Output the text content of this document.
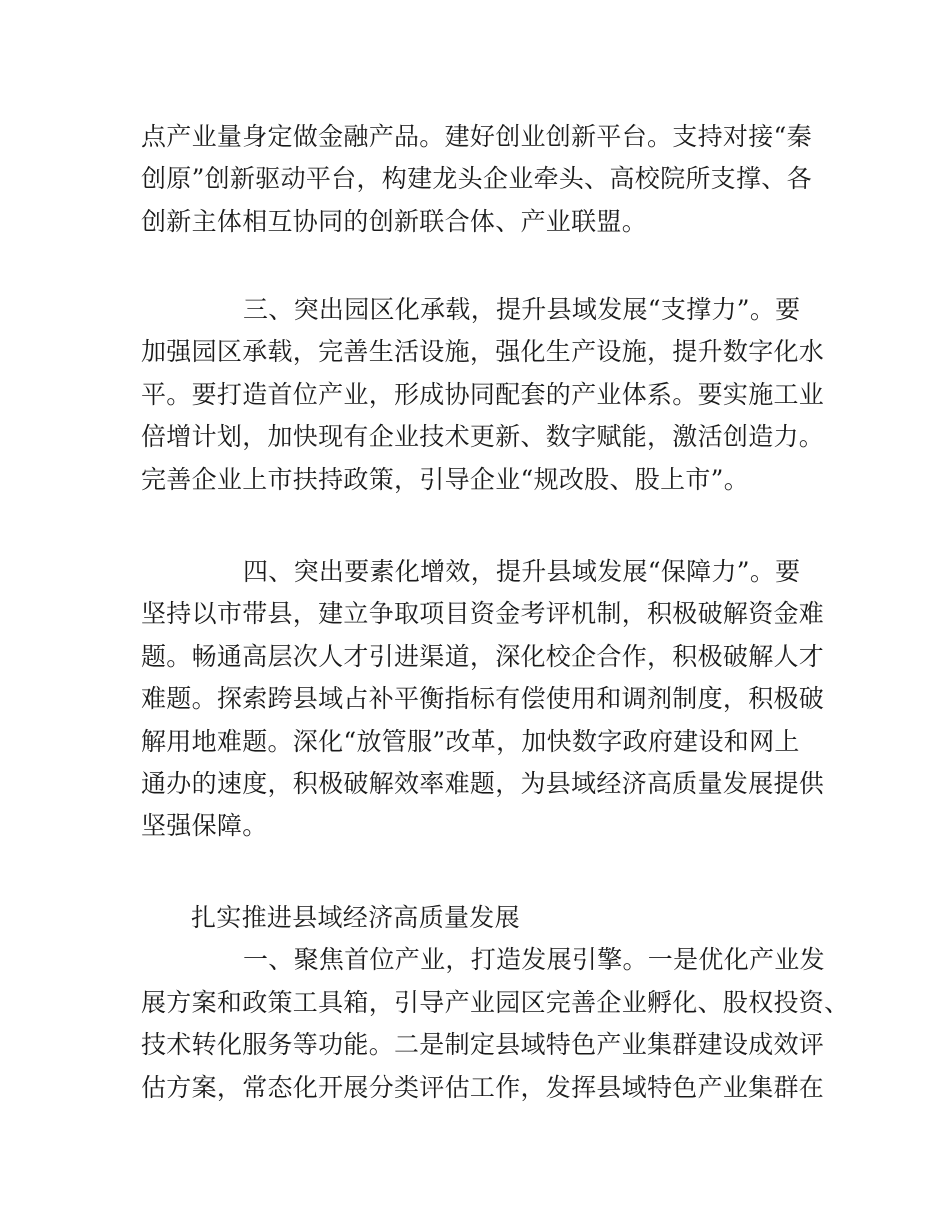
点产业量身定做金融产品。建好创业创新平台。支持对接“秦
创原”创新驱动平台，构建龙头企业牵头、高校院所支撑、各
创新主体相互协同的创新联合体、产业联盟。
三、突出园区化承载，提升县域发展“支撑力”。要
加强园区承载，完善生活设施，强化生产设施，提升数字化水
平。要打造首位产业，形成协同配套的产业体系。要实施工业
倍增计划，加快现有企业技术更新、数字赋能，激活创造力。
完善企业上市扶持政策，引导企业“规改股、股上市”。
四、突出要素化增效，提升县域发展“保障力”。要
坚持以市带县，建立争取项目资金考评机制，积极破解资金难
题。畅通高层次人才引进渠道，深化校企合作，积极破解人才
难题。探索跨县域占补平衡指标有偿使用和调剂制度，积极破
解用地难题。深化“放管服”改革，加快数字政府建设和网上
通办的速度，积极破解效率难题，为县域经济高质量发展提供
坚强保障。
扎实推进县域经济高质量发展
一、聚焦首位产业，打造发展引擎。一是优化产业发
展方案和政策工具箱，引导产业园区完善企业孵化、股权投资、
技术转化服务等功能。二是制定县域特色产业集群建设成效评
估方案，常态化开展分类评估工作，发挥县域特色产业集群在
